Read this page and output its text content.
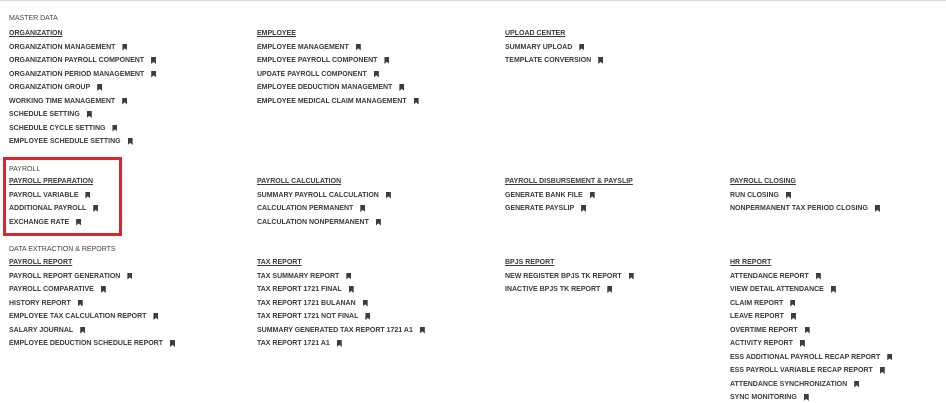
MASTER DATA
ORGANIZATION
ORGANIZATION MANAGEMENT
ORGANIZATION PAYROLL COMPONENT
ORGANIZATION PERIOD MANAGEMENT
ORGANIZATION GROUP
WORKING TIME MANAGEMENT
SCHEDULE SETTING
SCHEDULE CYCLE SETTING
EMPLOYEE SCHEDULE SETTING
EMPLOYEE
EMPLOYEE MANAGEMENT
EMPLOYEE PAYROLL COMPONENT
UPDATE PAYROLL COMPONENT
EMPLOYEE DEDUCTION MANAGEMENT
EMPLOYEE MEDICAL CLAIM MANAGEMENT
UPLOAD CENTER
SUMMARY UPLOAD
TEMPLATE CONVERSION
PAYROLL
PAYROLL PREPARATION
PAYROLL VARIABLE
ADDITIONAL PAYROLL
EXCHANGE RATE
PAYROLL CALCULATION
SUMMARY PAYROLL CALCULATION
CALCULATION PERMANENT
CALCULATION NONPERMANENT
PAYROLL DISBURSEMENT & PAYSLIP
GENERATE BANK FILE
GENERATE PAYSLIP
PAYROLL CLOSING
RUN CLOSING
NONPERMANENT TAX PERIOD CLOSING
DATA EXTRACTION & REPORTS
PAYROLL REPORT
PAYROLL REPORT GENERATION
PAYROLL COMPARATIVE
HISTORY REPORT
EMPLOYEE TAX CALCULATION REPORT
SALARY JOURNAL
EMPLOYEE DEDUCTION SCHEDULE REPORT
TAX REPORT
TAX SUMMARY REPORT
TAX REPORT 1721 FINAL
TAX REPORT 1721 BULANAN
TAX REPORT 1721 NOT FINAL
SUMMARY GENERATED TAX REPORT 1721 A1
TAX REPORT 1721 A1
BPJS REPORT
NEW REGISTER BPJS TK REPORT
INACTIVE BPJS TK REPORT
HR REPORT
ATTENDANCE REPORT
VIEW DETAIL ATTENDANCE
CLAIM REPORT
LEAVE REPORT
OVERTIME REPORT
ACTIVITY REPORT
ESS ADDITIONAL PAYROLL RECAP REPORT
ESS PAYROLL VARIABLE RECAP REPORT
ATTENDANCE SYNCHRONIZATION
SYNC MONITORING
